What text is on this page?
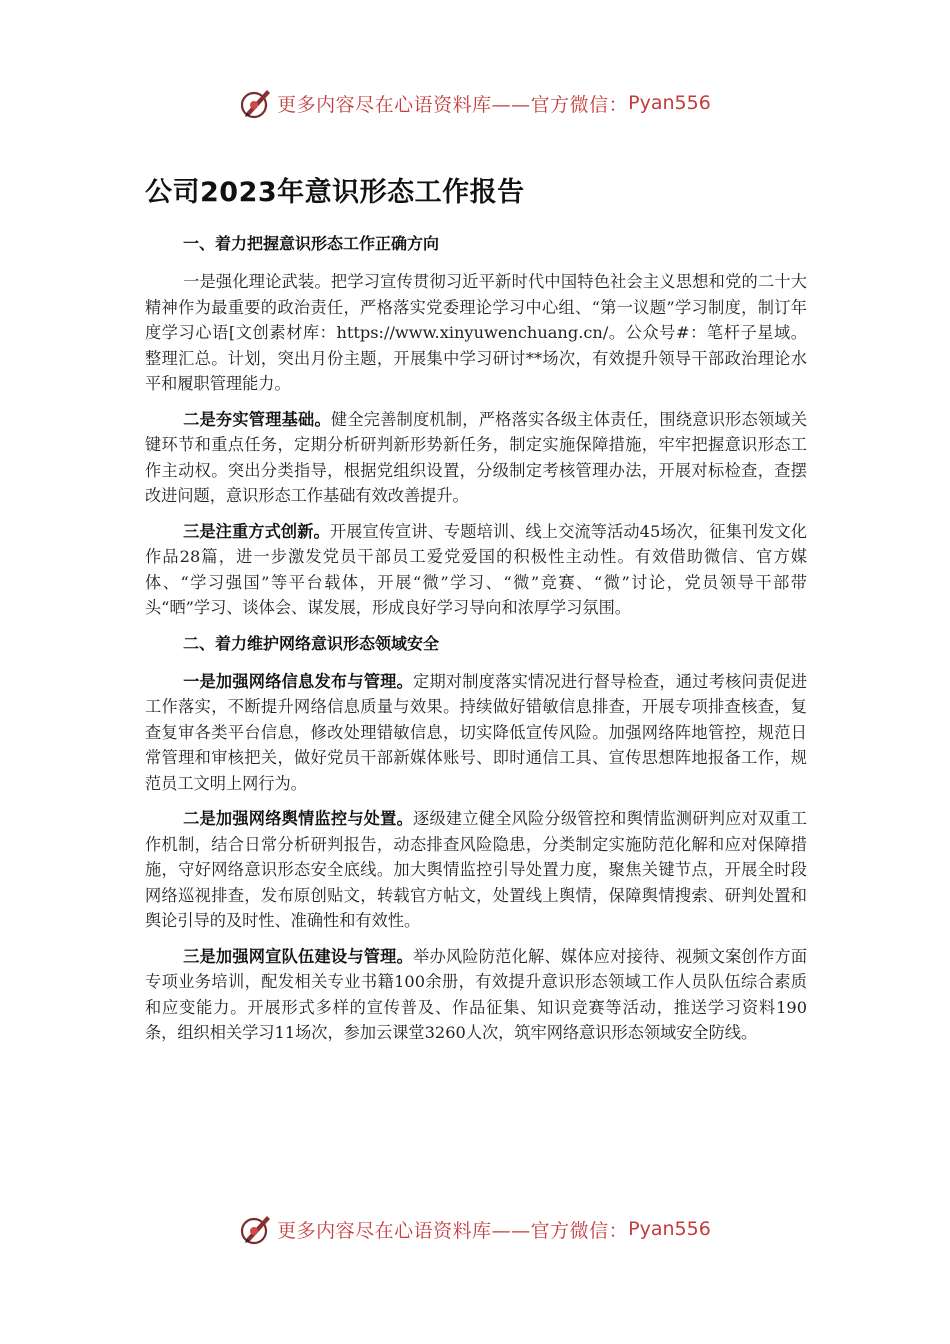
更多内容尽在心语资料库——官方微信： Pyan556
公司2023年意识形态工作报告
一、着力把握意识形态工作正确方向

一是强化理论武装。把学习宣传贯彻习近平新时代中国特色社会主义思想和党的二十大精神作为最重要的政治责任，严格落实党委理论学习中心组、“第一议题”学习制度，制订年度学习心语[文创素材库：https://www.xinyuwenchuang.cn/。公众号#：笔杆子星域。整理汇总。计划，突出月份主题，开展集中学习研讨**场次，有效提升领导干部政治理论水平和履职管理能力。

二是夯实管理基础。健全完善制度机制，严格落实各级主体责任，围绕意识形态领域关键环节和重点任务，定期分析研判新形势新任务，制定实施保障措施，牢牢把握意识形态工作主动权。突出分类指导，根据党组织设置，分级制定考核管理办法，开展对标检查，查摆改进问题，意识形态工作基础有效改善提升。

三是注重方式创新。开展宣传宣讲、专题培训、线上交流等活动45场次，征集刊发文化作品28篇，进一步激发党员干部员工爱党爱国的积极性主动性。有效借助微信、官方媒体、“学习强国”等平台载体，开展“微”学习、“微”竞赛、“微”讨论，党员领导干部带头“晒”学习、谈体会、谋发展，形成良好学习导向和浓厚学习氛围。

二、着力维护网络意识形态领域安全

一是加强网络信息发布与管理。定期对制度落实情况进行督导检查，通过考核问责促进工作落实，不断提升网络信息质量与效果。持续做好错敏信息排查，开展专项排查核查，复查复审各类平台信息，修改处理错敏信息，切实降低宣传风险。加强网络阵地管控，规范日常管理和审核把关，做好党员干部新媒体账号、即时通信工具、宣传思想阵地报备工作，规范员工文明上网行为。

二是加强网络舆情监控与处置。逐级建立健全风险分级管控和舆情监测研判应对双重工作机制，结合日常分析研判报告，动态排查风险隐患，分类制定实施防范化解和应对保障措施，守好网络意识形态安全底线。加大舆情监控引导处置力度，聚焦关键节点，开展全时段网络巡视排查，发布原创贴文，转载官方帖文，处置线上舆情，保障舆情搜索、研判处置和舆论引导的及时性、准确性和有效性。

三是加强网宣队伍建设与管理。举办风险防范化解、媒体应对接待、视频文案创作方面专项业务培训，配发相关专业书籍100余册，有效提升意识形态领域工作人员队伍综合素质和应变能力。开展形式多样的宣传普及、作品征集、知识竞赛等活动，推送学习资料190条，组织相关学习11场次，参加云课堂3260人次，筑牢网络意识形态领域安全防线。

更多内容尽在心语资料库——官方微信： Pyan556
